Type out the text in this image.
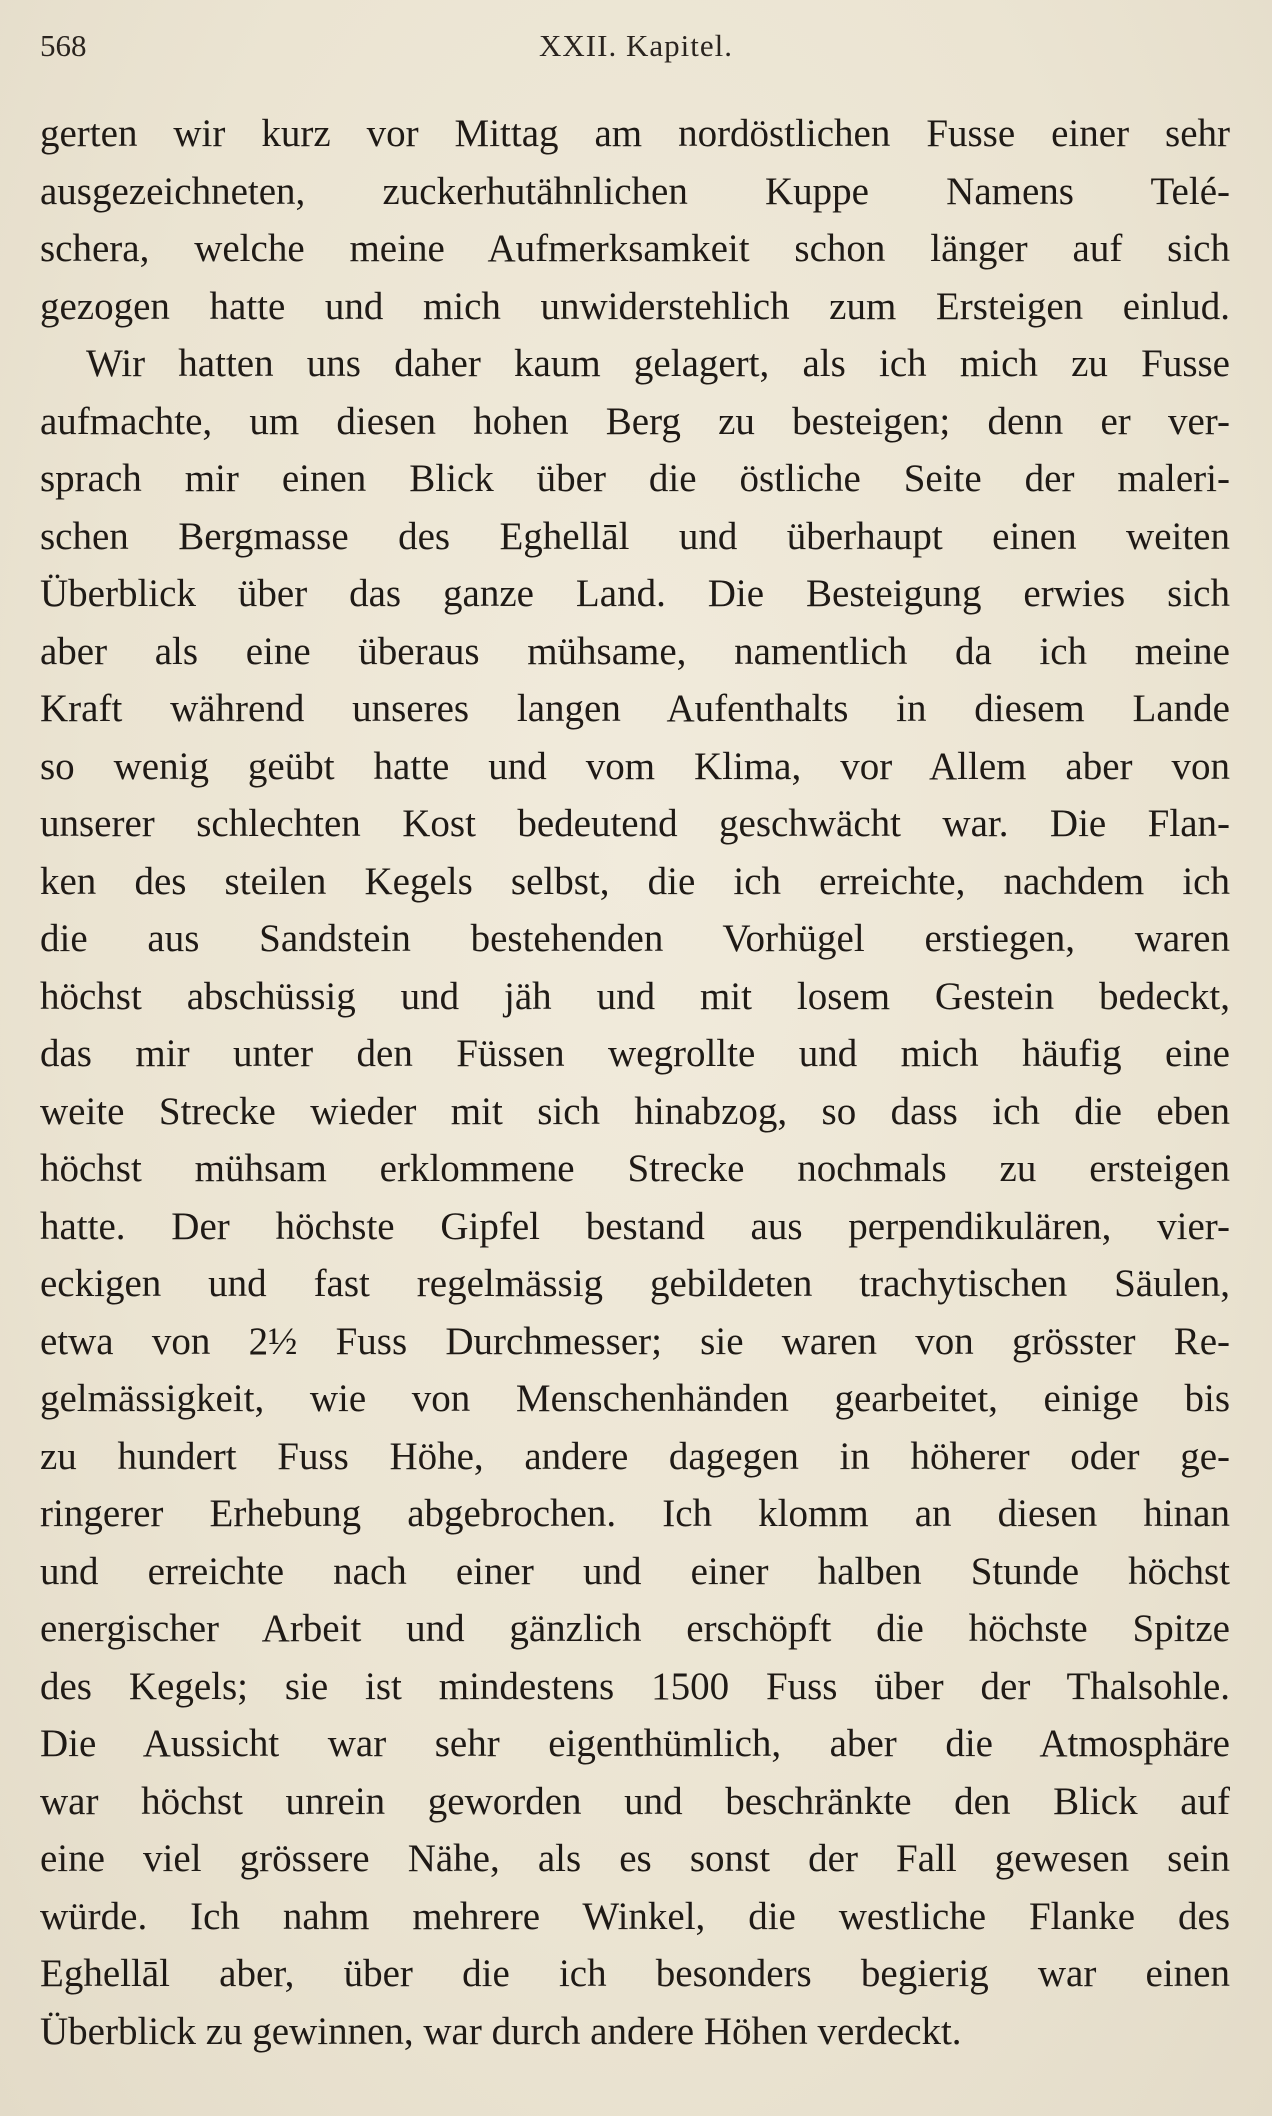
568	XXII. Kapitel.
gerten wir kurz vor Mittag am nordöstlichen Fusse einer sehr
ausgezeichneten, zuckerhutähnlichen Kuppe Namens Telé-
schera, welche meine Aufmerksamkeit schon länger auf sich
gezogen hatte und mich unwiderstehlich zum Ersteigen einlud.
Wir hatten uns daher kaum gelagert, als ich mich zu Fusse
aufmachte, um diesen hohen Berg zu besteigen; denn er ver-
sprach mir einen Blick über die östliche Seite der maleri-
schen Bergmasse des Eghellāl und überhaupt einen weiten
Überblick über das ganze Land. Die Besteigung erwies sich
aber als eine überaus mühsame, namentlich da ich meine
Kraft während unseres langen Aufenthalts in diesem Lande
so wenig geübt hatte und vom Klima, vor Allem aber von
unserer schlechten Kost bedeutend geschwächt war. Die Flan-
ken des steilen Kegels selbst, die ich erreichte, nachdem ich
die aus Sandstein bestehenden Vorhügel erstiegen, waren
höchst abschüssig und jäh und mit losem Gestein bedeckt,
das mir unter den Füssen wegrollte und mich häufig eine
weite Strecke wieder mit sich hinabzog, so dass ich die eben
höchst mühsam erklommene Strecke nochmals zu ersteigen
hatte. Der höchste Gipfel bestand aus perpendikulären, vier-
eckigen und fast regelmässig gebildeten trachytischen Säulen,
etwa von 2½ Fuss Durchmesser; sie waren von grösster Re-
gelmässigkeit, wie von Menschenhänden gearbeitet, einige bis
zu hundert Fuss Höhe, andere dagegen in höherer oder ge-
ringerer Erhebung abgebrochen. Ich klomm an diesen hinan
und erreichte nach einer und einer halben Stunde höchst
energischer Arbeit und gänzlich erschöpft die höchste Spitze
des Kegels; sie ist mindestens 1500 Fuss über der Thalsohle.
Die Aussicht war sehr eigenthümlich, aber die Atmosphäre
war höchst unrein geworden und beschränkte den Blick auf
eine viel grössere Nähe, als es sonst der Fall gewesen sein
würde. Ich nahm mehrere Winkel, die westliche Flanke des
Eghellāl aber, über die ich besonders begierig war einen
Überblick zu gewinnen, war durch andere Höhen verdeckt.
